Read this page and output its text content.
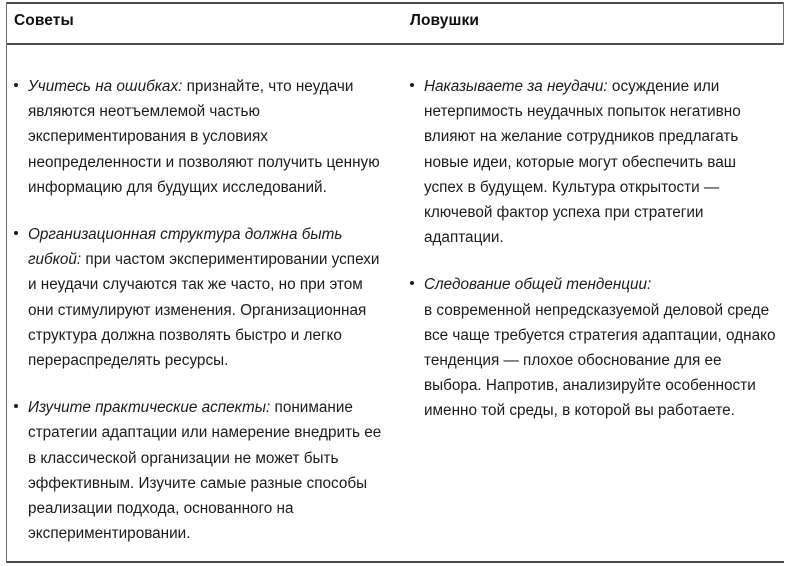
Советы	Ловушки
Учитесь на ошибках: признайте, что неудачи являются неотъемлемой частью экспериментирования в условиях неопределенности и позволяют получить ценную информацию для будущих исследований.
Организационная структура должна быть гибкой: при частом экспериментировании успехи и неудачи случаются так же часто, но при этом они стимулируют изменения. Организационная структура должна позволять быстро и легко перераспределять ресурсы.
Изучите практические аспекты: понимание стратегии адаптации или намерение внедрить ее в классической организации не может быть эффективным. Изучите самые разные способы реализации подхода, основанного на экспериментировании.
Наказываете за неудачи: осуждение или нетерпимость неудачных попыток негативно влияют на желание сотрудников предлагать новые идеи, которые могут обеспечить ваш успех в будущем. Культура открытости — ключевой фактор успеха при стратегии адаптации.
Следование общей тенденции:
в современной непредсказуемой деловой среде все чаще требуется стратегия адаптации, однако тенденция — плохое обоснование для ее выбора. Напротив, анализируйте особенности именно той среды, в которой вы работаете.
